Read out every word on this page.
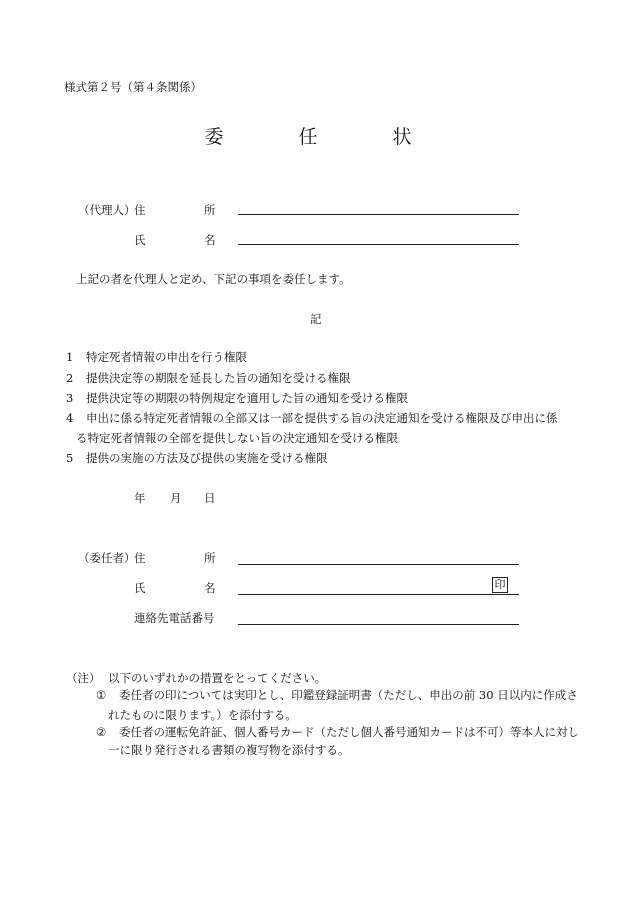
様式第２号（第４条関係）
委　任　状
（代理人）
住	所
氏	名
上記の者を代理人と定め、下記の事項を委任します。
記
1 特定死者情報の申出を行う権限
2 提供決定等の期限を延長した旨の通知を受ける権限
3 提供決定等の期限の特例規定を適用した旨の通知を受ける権限
4 申出に係る特定死者情報の全部又は一部を提供する旨の決定通知を受ける権限及び申出に係
る特定死者情報の全部を提供しない旨の決定通知を受ける権限
5 提供の実施の方法及び提供の実施を受ける権限
年 月 日
（委任者）
住	所
氏	名	印
連絡先電話番号
（注） 以下のいずれかの措置をとってください。
① 委任者の印については実印とし、印鑑登録証明書（ただし、申出の前 30 日以内に作成さ
れたものに限ります。）を添付する。
② 委任者の運転免許証、個人番号カード（ただし個人番号通知カードは不可）等本人に対し
一に限り発行される書類の複写物を添付する。
